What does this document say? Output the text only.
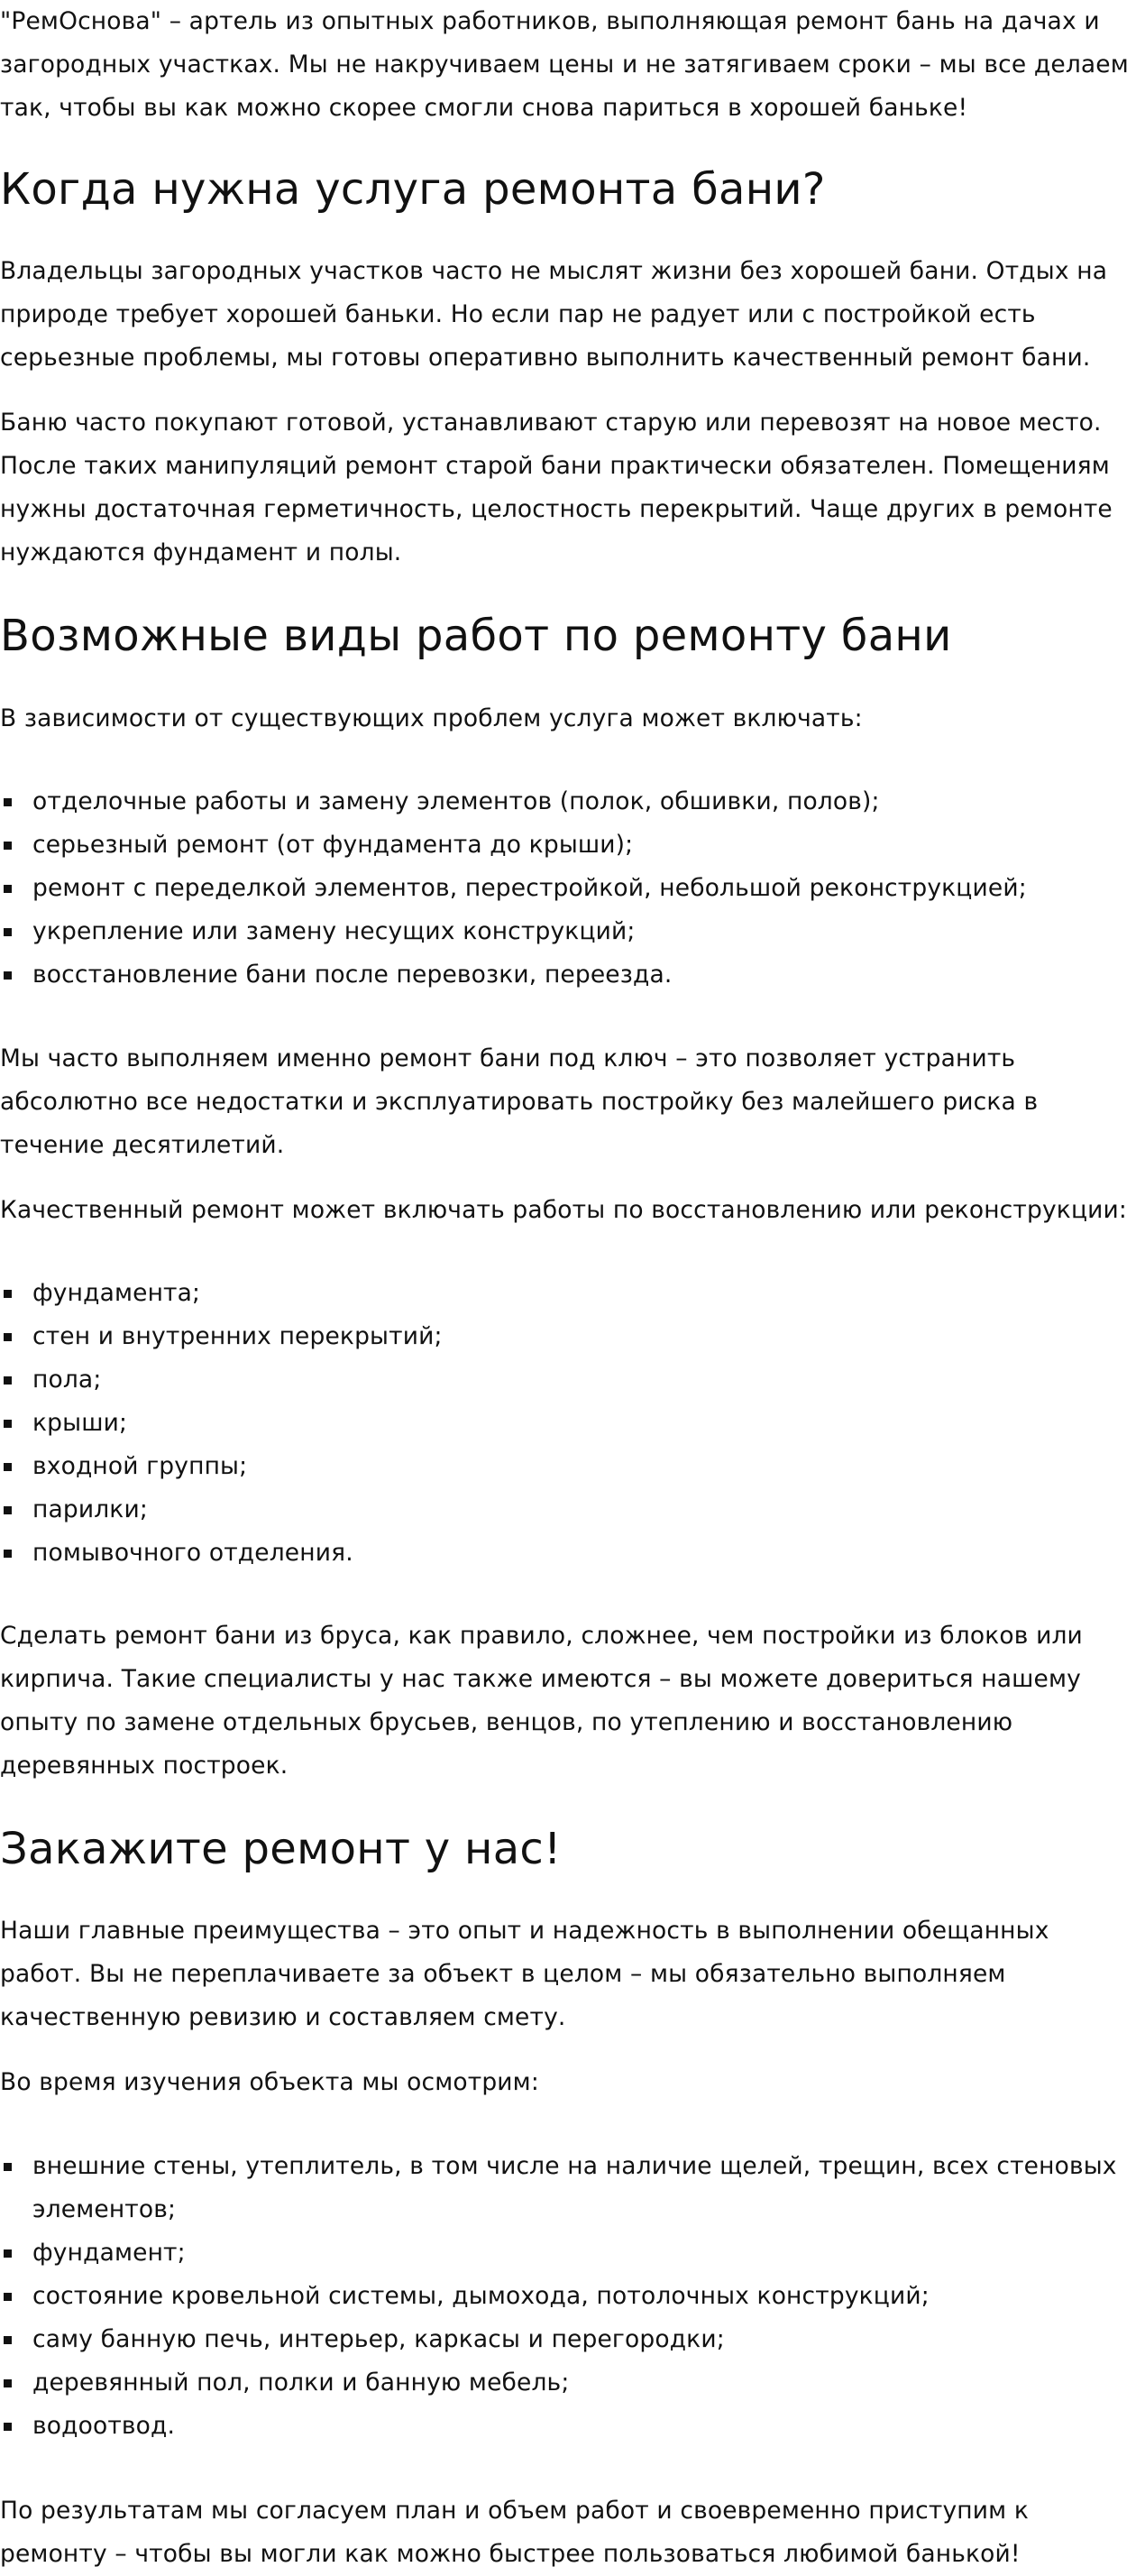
"РемОснова" – артель из опытных работников, выполняющая ремонт бань на дачах и загородных участках. Мы не накручиваем цены и не затягиваем сроки – мы все делаем так, чтобы вы как можно скорее смогли снова париться в хорошей баньке!

Когда нужна услуга ремонта бани?

Владельцы загородных участков часто не мыслят жизни без хорошей бани. Отдых на природе требует хорошей баньки. Но если пар не радует или с постройкой есть серьезные проблемы, мы готовы оперативно выполнить качественный ремонт бани.

Баню часто покупают готовой, устанавливают старую или перевозят на новое место. После таких манипуляций ремонт старой бани практически обязателен. Помещениям нужны достаточная герметичность, целостность перекрытий. Чаще других в ремонте нуждаются фундамент и полы.

Возможные виды работ по ремонту бани

В зависимости от существующих проблем услуга может включать:

отделочные работы и замену элементов (полок, обшивки, полов);
серьезный ремонт (от фундамента до крыши);
ремонт с переделкой элементов, перестройкой, небольшой реконструкцией;
укрепление или замену несущих конструкций;
восстановление бани после перевозки, переезда.

Мы часто выполняем именно ремонт бани под ключ – это позволяет устранить абсолютно все недостатки и эксплуатировать постройку без малейшего риска в течение десятилетий.

Качественный ремонт может включать работы по восстановлению или реконструкции:

фундамента;
стен и внутренних перекрытий;
пола;
крыши;
входной группы;
парилки;
помывочного отделения.

Сделать ремонт бани из бруса, как правило, сложнее, чем постройки из блоков или кирпича. Такие специалисты у нас также имеются – вы можете довериться нашему опыту по замене отдельных брусьев, венцов, по утеплению и восстановлению деревянных построек.

Закажите ремонт у нас!

Наши главные преимущества – это опыт и надежность в выполнении обещанных работ. Вы не переплачиваете за объект в целом – мы обязательно выполняем качественную ревизию и составляем смету.

Во время изучения объекта мы осмотрим:

внешние стены, утеплитель, в том числе на наличие щелей, трещин, всех стеновых элементов;
фундамент;
состояние кровельной системы, дымохода, потолочных конструкций;
саму банную печь, интерьер, каркасы и перегородки;
деревянный пол, полки и банную мебель;
водоотвод.

По результатам мы согласуем план и объем работ и своевременно приступим к ремонту – чтобы вы могли как можно быстрее пользоваться любимой банькой!
